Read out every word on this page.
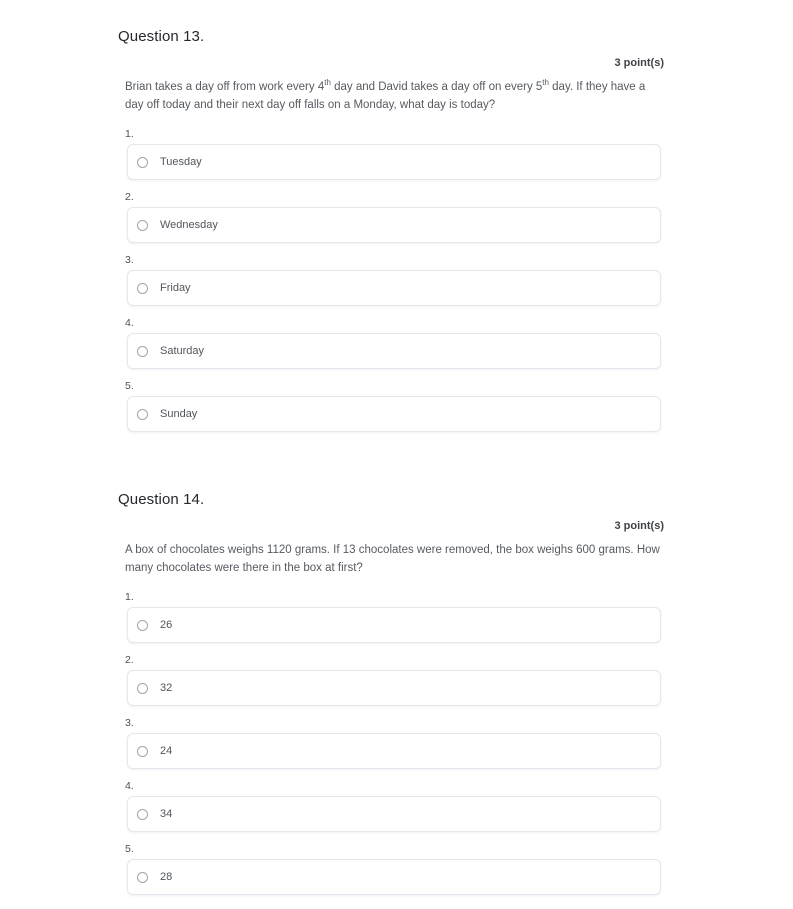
Question 13.
3 point(s)

Brian takes a day off from work every 4th day and David takes a day off on every 5th day. If they have a day off today and their next day off falls on a Monday, what day is today?

1.
Tuesday
2.
Wednesday
3.
Friday
4.
Saturday
5.
Sunday
Question 14.
3 point(s)

A box of chocolates weighs 1120 grams. If 13 chocolates were removed, the box weighs 600 grams. How many chocolates were there in the box at first?

1.
26
2.
32
3.
24
4.
34
5.
28
